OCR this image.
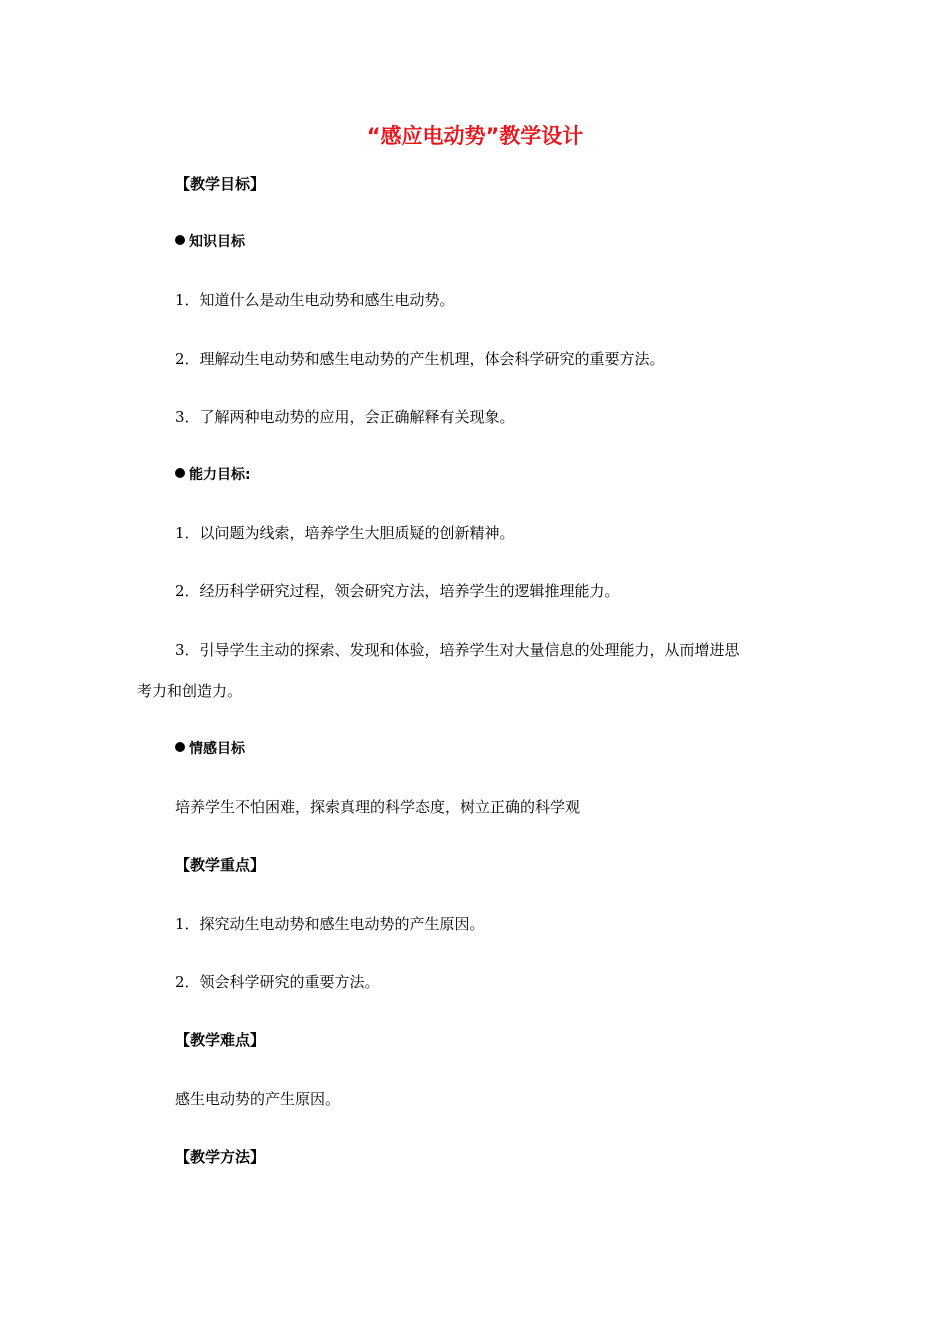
“感应电动势”教学设计
【教学目标】
知识目标
1．知道什么是动生电动势和感生电动势。
2．理解动生电动势和感生电动势的产生机理，体会科学研究的重要方法。
3．了解两种电动势的应用，会正确解释有关现象。
能力目标:
1．以问题为线索，培养学生大胆质疑的创新精神。
2．经历科学研究过程，领会研究方法，培养学生的逻辑推理能力。
3．引导学生主动的探索、发现和体验，培养学生对大量信息的处理能力，从而增进思
考力和创造力。
情感目标
培养学生不怕困难，探索真理的科学态度，树立正确的科学观
【教学重点】
1．探究动生电动势和感生电动势的产生原因。
2．领会科学研究的重要方法。
【教学难点】
感生电动势的产生原因。
【教学方法】
